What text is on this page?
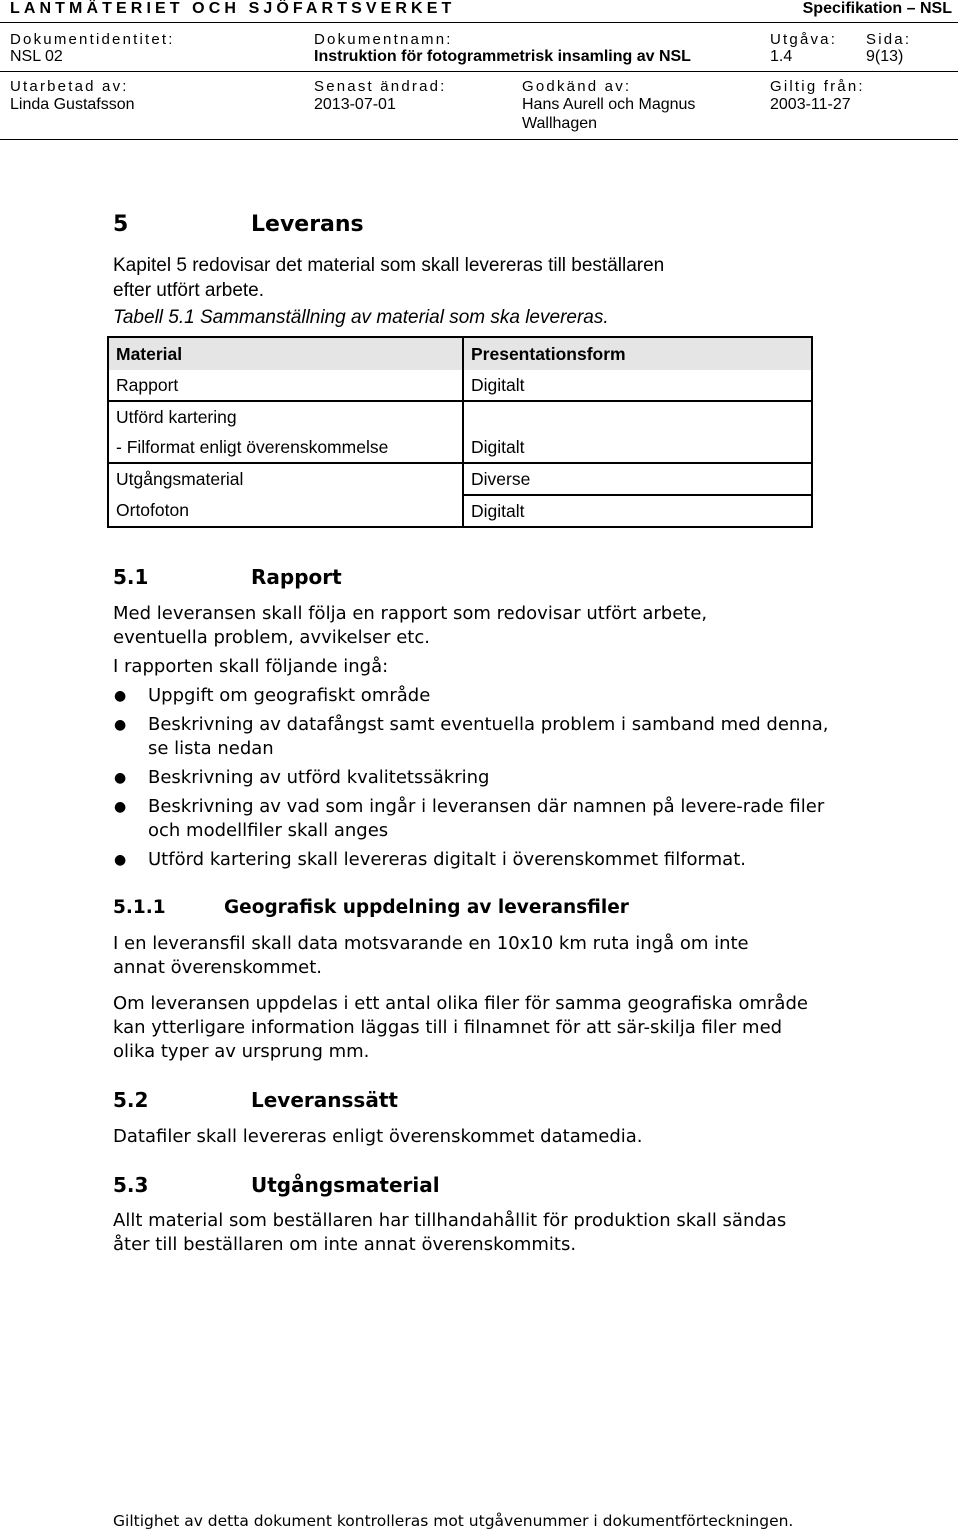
LANTMÄTERIET OCH SJÖFARTSVERKET	Specifikation – NSL
Dokumentidentitet:
NSL 02
Dokumentnamn:
Instruktion för fotogrammetrisk insamling av NSL
Utgåva:
1.4
Sida:
9(13)
Utarbetad av:
Linda Gustafsson
Senast ändrad:
2013-07-01
Godkänd av:
Hans Aurell och Magnus
Wallhagen
Giltig från:
2003-11-27
5	Leverans
Kapitel 5 redovisar det material som skall levereras till beställaren
efter utfört arbete.
Tabell 5.1 Sammanställning av material som ska levereras.
Material	Presentationsform
Rapport	Digitalt
Utförd kartering	
- Filformat enligt överenskommelse	Digitalt
Utgångsmaterial	Diverse
Ortofoton	Digitalt
5.1	Rapport
Med leveransen skall följa en rapport som redovisar utfört arbete, eventuella problem, avvikelser etc.
I rapporten skall följande ingå:
● Uppgift om geografiskt område
● Beskrivning av datafångst samt eventuella problem i samband med denna, se lista nedan
● Beskrivning av utförd kvalitetssäkring
● Beskrivning av vad som ingår i leveransen där namnen på levere-rade filer och modellfiler skall anges
● Utförd kartering skall levereras digitalt i överenskommet filformat.
5.1.1	Geografisk uppdelning av leveransfiler
I en leveransfil skall data motsvarande en 10x10 km ruta ingå om inte annat överenskommet.
Om leveransen uppdelas i ett antal olika filer för samma geografiska område kan ytterligare information läggas till i filnamnet för att sär-skilja filer med olika typer av ursprung mm.
5.2	Leveranssätt
Datafiler skall levereras enligt överenskommet datamedia.
5.3	Utgångsmaterial
Allt material som beställaren har tillhandahållit för produktion skall sändas åter till beställaren om inte annat överenskommits.
Giltighet av detta dokument kontrolleras mot utgåvenummer i dokumentförteckningen.
